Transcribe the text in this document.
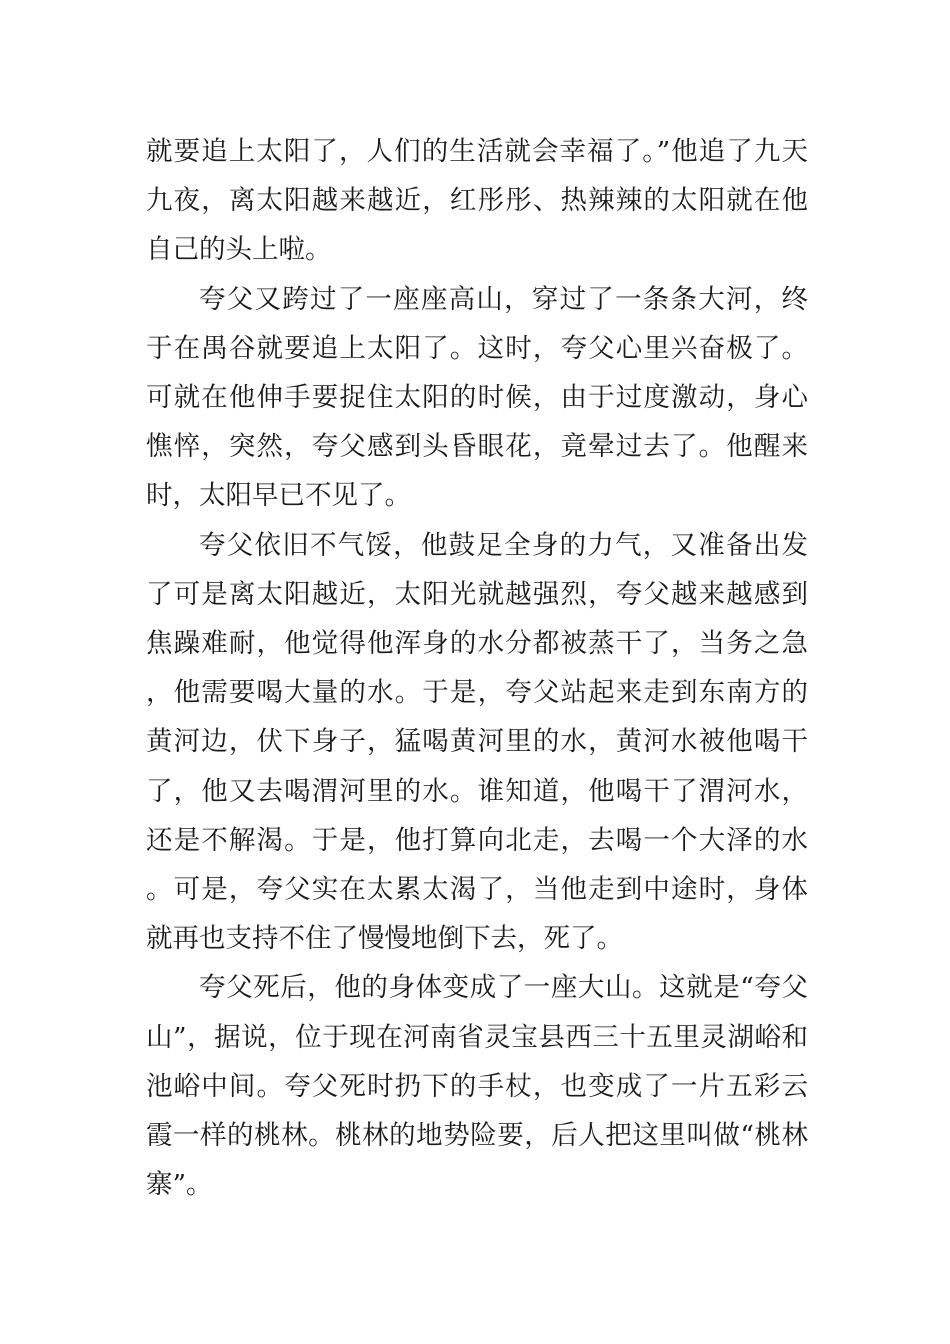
就要追上太阳了，人们的生活就会幸福了。”他追了九天九夜，离太阳越来越近，红彤彤、热辣辣的太阳就在他自己的头上啦。

夸父又跨过了一座座高山，穿过了一条条大河，终于在禺谷就要追上太阳了。这时，夸父心里兴奋极了。可就在他伸手要捉住太阳的时候，由于过度激动，身心憔悴，突然，夸父感到头昏眼花，竟晕过去了。他醒来时，太阳早已不见了。

夸父依旧不气馁，他鼓足全身的力气，又准备出发了可是离太阳越近，太阳光就越强烈，夸父越来越感到焦躁难耐，他觉得他浑身的水分都被蒸干了，当务之急，他需要喝大量的水。于是，夸父站起来走到东南方的黄河边，伏下身子，猛喝黄河里的水，黄河水被他喝干了，他又去喝渭河里的水。谁知道，他喝干了渭河水，还是不解渴。于是，他打算向北走，去喝一个大泽的水。可是，夸父实在太累太渴了，当他走到中途时，身体就再也支持不住了慢慢地倒下去，死了。

夸父死后，他的身体变成了一座大山。这就是“夸父山”，据说，位于现在河南省灵宝县西三十五里灵湖峪和池峪中间。夸父死时扔下的手杖，也变成了一片五彩云霞一样的桃林。桃林的地势险要，后人把这里叫做“桃林寨”。
